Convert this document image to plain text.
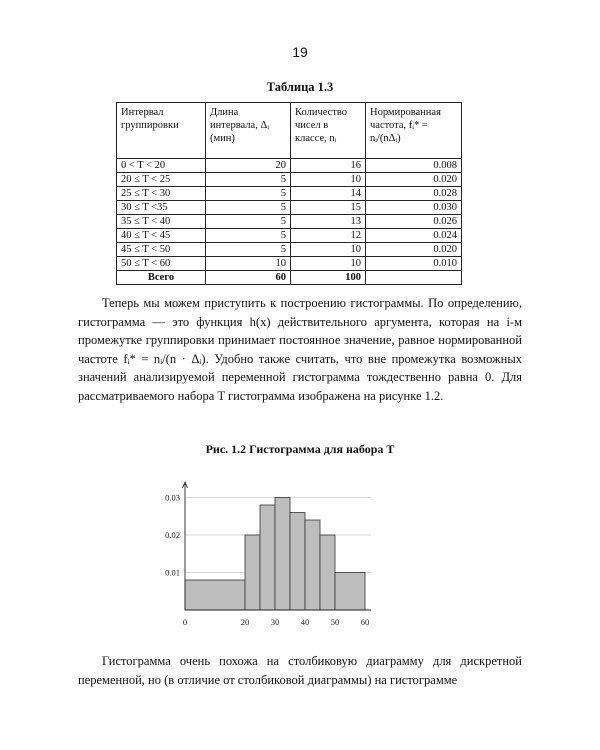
19
Таблица 1.3
Интервал группировки	Длина интервала, Δᵢ (мин)	Количество чисел в классе, nᵢ	Нормированная частота, fᵢ* = nᵢ/(nΔᵢ)
0 < T < 20	20	16	0.008
20 ≤ T < 25	5	10	0.020
25 ≤ T < 30	5	14	0.028
30 ≤ T <35	5	15	0.030
35 ≤ T < 40	5	13	0.026
40 ≤ T < 45	5	12	0.024
45 ≤ T < 50	5	10	0.020
50 ≤ T < 60	10	10	0.010
Всего	60	100	

Теперь мы можем приступить к построению гистограммы. По определению, гистограмма — это функция h(x) действительного аргумента, которая на i-м промежутке группировки принимает постоянное значение, равное нормированной частоте fᵢ* = nᵢ/(n · Δᵢ). Удобно также считать, что вне промежутка возможных значений анализируемой переменной гистограмма тождественно равна 0. Для рассматриваемого набора T гистограмма изображена на рисунке 1.2.

Рис. 1.2 Гистограмма для набора T
0.01
0.02
0.03
0	20	30	40	50	60

Гистограмма очень похожа на столбиковую диаграмму для дискретной переменной, но (в отличие от столбиковой диаграммы) на гистограмме
